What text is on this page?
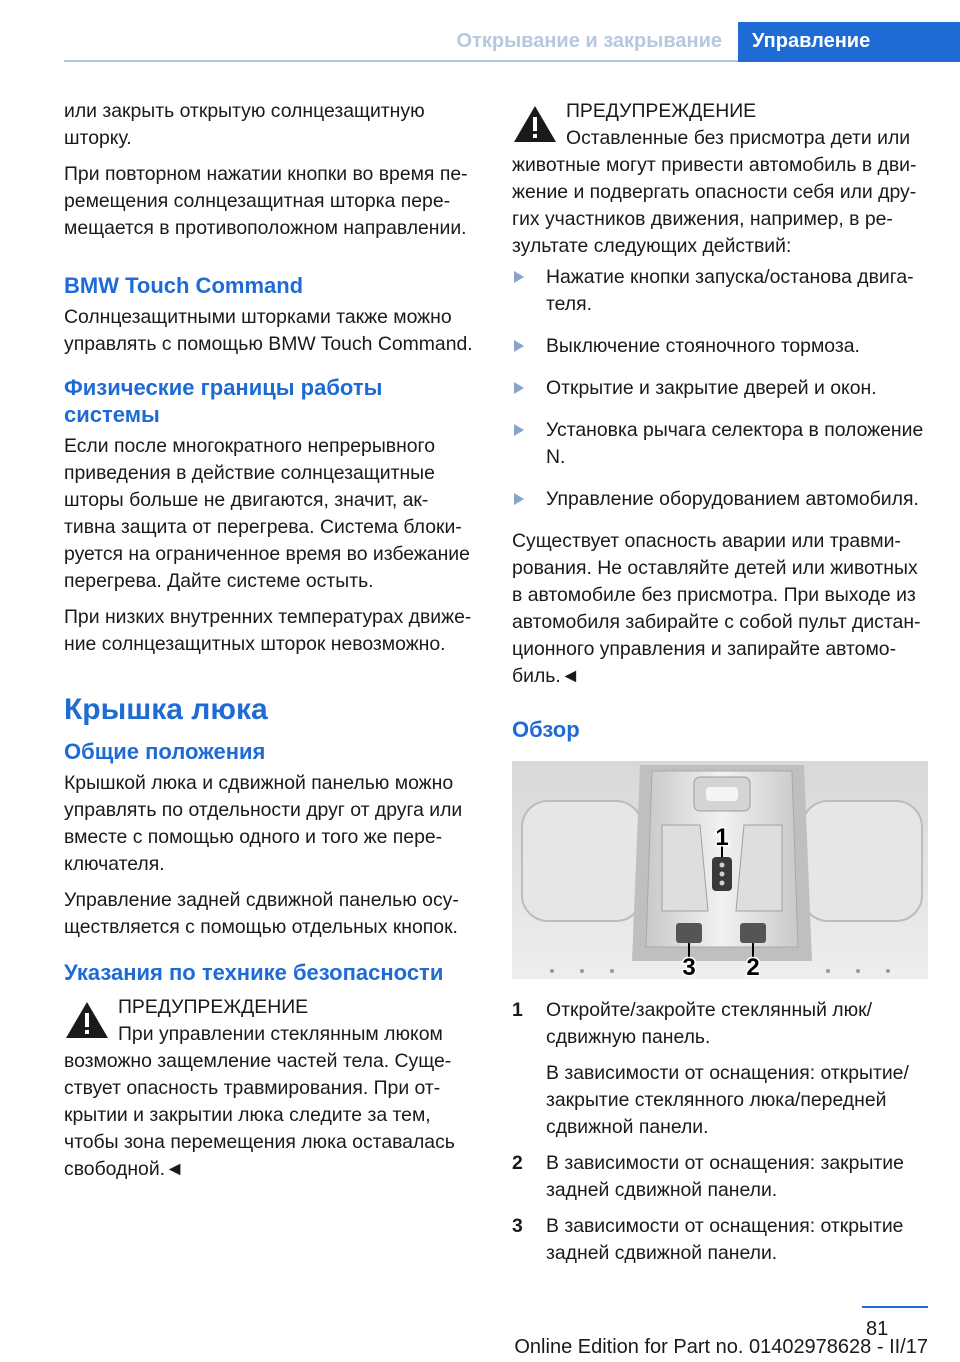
Открывание и закрывание	Управление

или закрыть открытую солнцезащитную шторку.

При повторном нажатии кнопки во время пе‐ремещения солнцезащитная шторка пере‐мещается в противоположном направлении.

BMW Touch Command

Солнцезащитными шторками также можно управлять с помощью BMW Touch Command.

Физические границы работы системы

Если после многократного непрерывного приведения в действие солнцезащитные шторы больше не двигаются, значит, ак‐тивна защита от перегрева. Система блоки‐руется на ограниченное время во избежание перегрева. Дайте системе остыть.

При низких внутренних температурах движе‐ние солнцезащитных шторок невозможно.

Крышка люка
Общие положения

Крышкой люка и сдвижной панелью можно управлять по отдельности друг от друга или вместе с помощью одного и того же пере‐ключателя.

Управление задней сдвижной панелью осу‐ществляется с помощью отдельных кнопок.

Указания по технике безопасности
ПРЕДУПРЕЖДЕНИЕ
При управлении стеклянным люком возможно защемление частей тела. Суще‐ствует опасность травмирования. При от‐крытии и закрытии люка следите за тем, чтобы зона перемещения люка оставалась свободной.◄
ПРЕДУПРЕЖДЕНИЕ
Оставленные без присмотра дети или животные могут привести автомобиль в дви‐жение и подвергать опасности себя или дру‐гих участников движения, например, в ре‐зультате следующих действий:
Нажатие кнопки запуска/останова двига‐теля.
Выключение стояночного тормоза.
Открытие и закрытие дверей и окон.
Установка рычага селектора в положение N.
Управление оборудованием автомобиля.

Существует опасность аварии или травми‐рования. Не оставляйте детей или животных в автомобиле без присмотра. При выходе из автомобиля забирайте с собой пульт дистан‐ционного управления и запирайте автомо‐биль.◄

Обзор
1
3 2
1 Откройте/закройте стеклянный люк/ сдвижную панель.
В зависимости от оснащения: открытие/ закрытие стеклянного люка/передней сдвижной панели.
2 В зависимости от оснащения: закрытие задней сдвижной панели.
3 В зависимости от оснащения: открытие задней сдвижной панели.
81
Online Edition for Part no. 01402978628 - II/17
